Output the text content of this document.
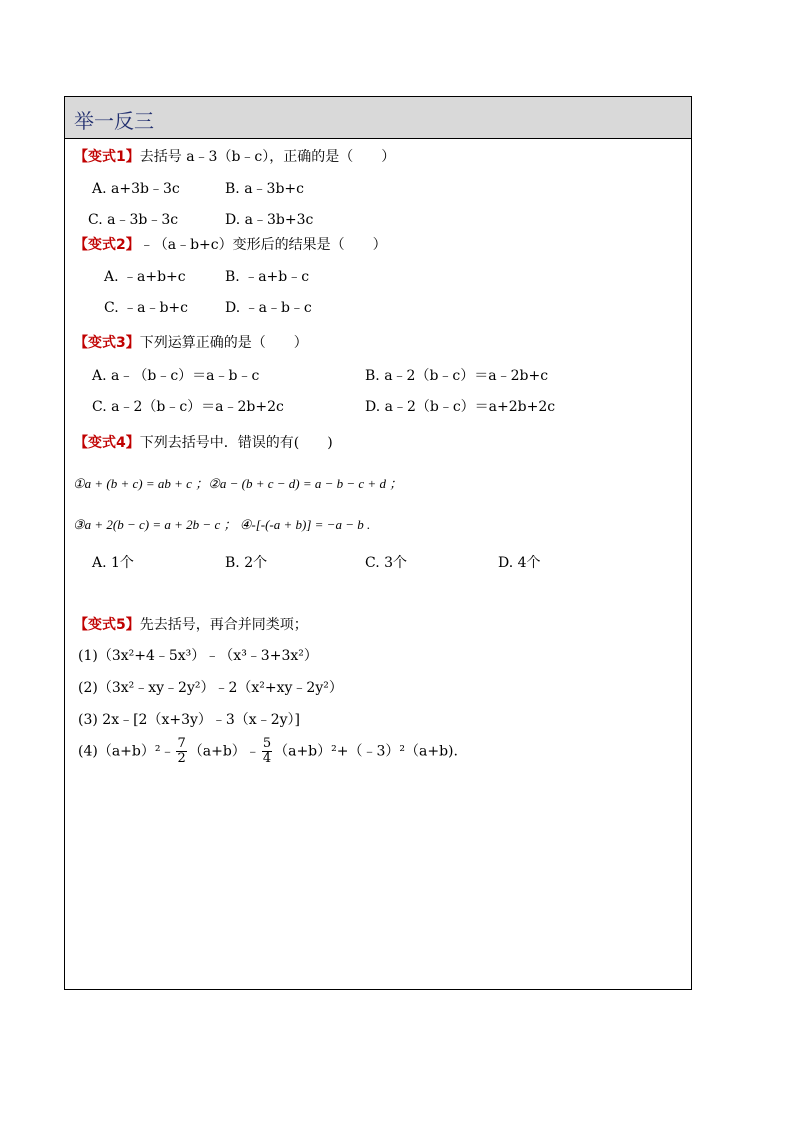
举一反三
【变式1】去括号 a﹣3（b﹣c），正确的是（　　）
A. a+3b﹣3c	B. a﹣3b+c
C. a﹣3b﹣3c	D. a﹣3b+3c
【变式2】﹣（a﹣b+c）变形后的结果是（　　）
A. ﹣a+b+c	B. ﹣a+b﹣c
C. ﹣a﹣b+c	D. ﹣a﹣b﹣c
【变式3】下列运算正确的是（　　）
A. a﹣（b﹣c）＝a﹣b﹣c	B. a﹣2（b﹣c）＝a﹣2b+c
C. a﹣2（b﹣c）＝a﹣2b+2c	D. a﹣2（b﹣c）＝a+2b+2c
【变式4】下列去括号中．错误的有(　　)
①a + (b + c) = ab + c ；②a − (b + c − d) = a − b − c + d ；
③a + 2(b − c) = a + 2b − c ； ④-[-(-a + b)] = −a − b .
A. 1个	B. 2个	C. 3个	D. 4个
【变式5】先去括号，再合并同类项；
(1)（3x²+4﹣5x³）﹣（x³﹣3+3x²）
(2)（3x²﹣xy﹣2y²）﹣2（x²+xy﹣2y²）
(3) 2x﹣[2（x+3y）﹣3（x﹣2y）]
(4)（a+b）²﹣ $\frac{7}{2}$ （a+b）﹣ $\frac{5}{4}$ （a+b）²+（﹣3）²（a+b).
